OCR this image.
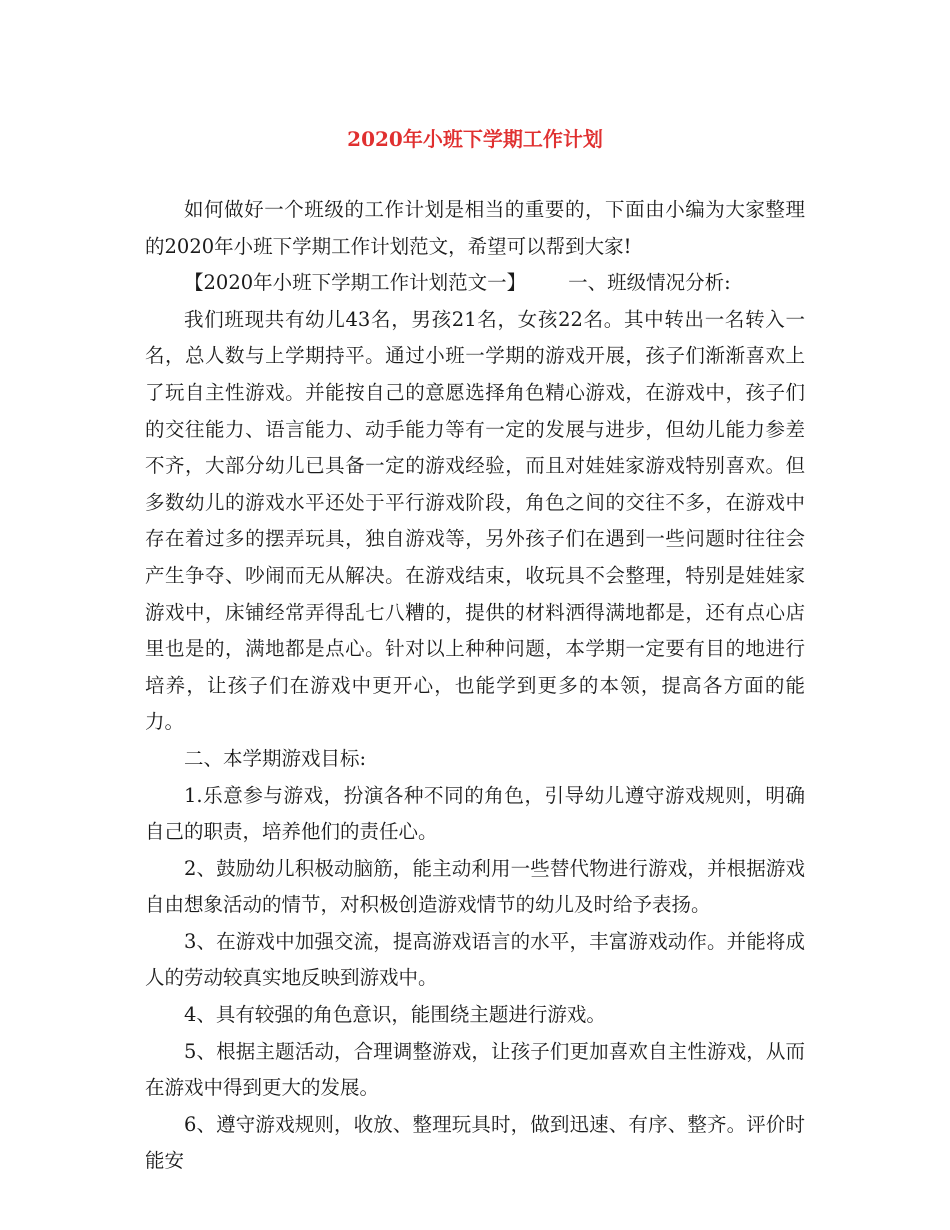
2020年小班下学期工作计划

如何做好一个班级的工作计划是相当的重要的，下面由小编为大家整理的2020年小班下学期工作计划范文，希望可以帮到大家!

【2020年小班下学期工作计划范文一】 一、班级情况分析:

我们班现共有幼儿43名，男孩21名，女孩22名。其中转出一名转入一名，总人数与上学期持平。通过小班一学期的游戏开展，孩子们渐渐喜欢上了玩自主性游戏。并能按自己的意愿选择角色精心游戏，在游戏中，孩子们的交往能力、语言能力、动手能力等有一定的发展与进步，但幼儿能力参差不齐，大部分幼儿已具备一定的游戏经验，而且对娃娃家游戏特别喜欢。但多数幼儿的游戏水平还处于平行游戏阶段，角色之间的交往不多，在游戏中存在着过多的摆弄玩具，独自游戏等，另外孩子们在遇到一些问题时往往会产生争夺、吵闹而无从解决。在游戏结束，收玩具不会整理，特别是娃娃家游戏中，床铺经常弄得乱七八糟的，提供的材料洒得满地都是，还有点心店里也是的，满地都是点心。针对以上种种问题，本学期一定要有目的地进行培养，让孩子们在游戏中更开心，也能学到更多的本领，提高各方面的能力。

二、本学期游戏目标:

1.乐意参与游戏，扮演各种不同的角色，引导幼儿遵守游戏规则，明确自己的职责，培养他们的责任心。

2、鼓励幼儿积极动脑筋，能主动利用一些替代物进行游戏，并根据游戏自由想象活动的情节，对积极创造游戏情节的幼儿及时给予表扬。

3、在游戏中加强交流，提高游戏语言的水平，丰富游戏动作。并能将成人的劳动较真实地反映到游戏中。

4、具有较强的角色意识，能围绕主题进行游戏。

5、根据主题活动，合理调整游戏，让孩子们更加喜欢自主性游戏，从而在游戏中得到更大的发展。

6、遵守游戏规则，收放、整理玩具时，做到迅速、有序、整齐。评价时能安
